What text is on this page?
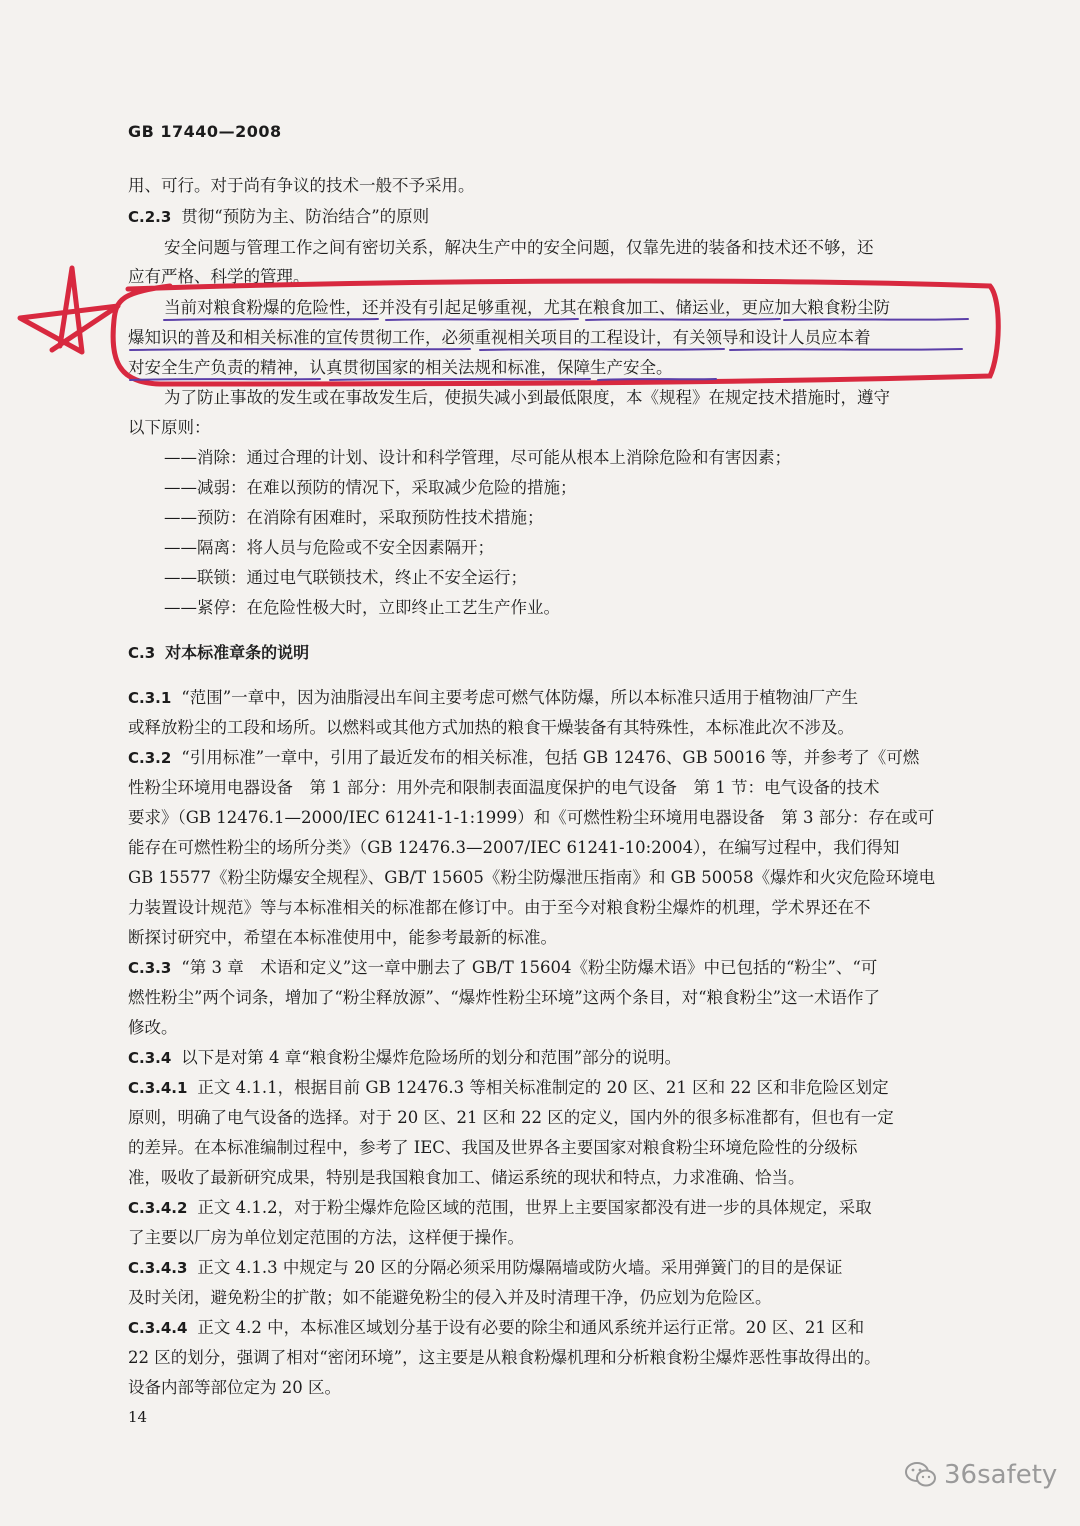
GB 17440—2008
用、可行。对于尚有争议的技术一般不予采用。
C.2.3 贯彻“预防为主、防治结合”的原则
安全问题与管理工作之间有密切关系，解决生产中的安全问题，仅靠先进的装备和技术还不够，还
应有严格、科学的管理。
当前对粮食粉爆的危险性，还并没有引起足够重视，尤其在粮食加工、储运业，更应加大粮食粉尘防
爆知识的普及和相关标准的宣传贯彻工作，必须重视相关项目的工程设计，有关领导和设计人员应本着
对安全生产负责的精神，认真贯彻国家的相关法规和标准，保障生产安全。
为了防止事故的发生或在事故发生后，使损失减小到最低限度，本《规程》在规定技术措施时，遵守
以下原则：
——消除：通过合理的计划、设计和科学管理，尽可能从根本上消除危险和有害因素；
——减弱：在难以预防的情况下，采取减少危险的措施；
——预防：在消除有困难时，采取预防性技术措施；
——隔离：将人员与危险或不安全因素隔开；
——联锁：通过电气联锁技术，终止不安全运行；
——紧停：在危险性极大时，立即终止工艺生产作业。
C.3 对本标准章条的说明
C.3.1 “范围”一章中，因为油脂浸出车间主要考虑可燃气体防爆，所以本标准只适用于植物油厂产生
或释放粉尘的工段和场所。以燃料或其他方式加热的粮食干燥装备有其特殊性，本标准此次不涉及。
C.3.2 “引用标准”一章中，引用了最近发布的相关标准，包括 GB 12476、GB 50016 等，并参考了《可燃
性粉尘环境用电器设备　第 1 部分：用外壳和限制表面温度保护的电气设备　第 1 节：电气设备的技术
要求》（GB 12476.1—2000/IEC 61241-1-1:1999）和《可燃性粉尘环境用电器设备　第 3 部分：存在或可
能存在可燃性粉尘的场所分类》（GB 12476.3—2007/IEC 61241-10:2004），在编写过程中，我们得知
GB 15577《粉尘防爆安全规程》、GB/T 15605《粉尘防爆泄压指南》和 GB 50058《爆炸和火灾危险环境电
力装置设计规范》等与本标准相关的标准都在修订中。由于至今对粮食粉尘爆炸的机理，学术界还在不
断探讨研究中，希望在本标准使用中，能参考最新的标准。
C.3.3 “第 3 章　术语和定义”这一章中删去了 GB/T 15604《粉尘防爆术语》中已包括的“粉尘”、“可
燃性粉尘”两个词条，增加了“粉尘释放源”、“爆炸性粉尘环境”这两个条目，对“粮食粉尘”这一术语作了
修改。
C.3.4 以下是对第 4 章“粮食粉尘爆炸危险场所的划分和范围”部分的说明。
C.3.4.1 正文 4.1.1，根据目前 GB 12476.3 等相关标准制定的 20 区、21 区和 22 区和非危险区划定
原则，明确了电气设备的选择。对于 20 区、21 区和 22 区的定义，国内外的很多标准都有，但也有一定
的差异。在本标准编制过程中，参考了 IEC、我国及世界各主要国家对粮食粉尘环境危险性的分级标
准，吸收了最新研究成果，特别是我国粮食加工、储运系统的现状和特点，力求准确、恰当。
C.3.4.2 正文 4.1.2，对于粉尘爆炸危险区域的范围，世界上主要国家都没有进一步的具体规定，采取
了主要以厂房为单位划定范围的方法，这样便于操作。
C.3.4.3 正文 4.1.3 中规定与 20 区的分隔必须采用防爆隔墙或防火墙。采用弹簧门的目的是保证
及时关闭，避免粉尘的扩散；如不能避免粉尘的侵入并及时清理干净，仍应划为危险区。
C.3.4.4 正文 4.2 中，本标准区域划分基于设有必要的除尘和通风系统并运行正常。20 区、21 区和
22 区的划分，强调了相对“密闭环境”，这主要是从粮食粉爆机理和分析粮食粉尘爆炸恶性事故得出的。
设备内部等部位定为 20 区。
14
36safety
